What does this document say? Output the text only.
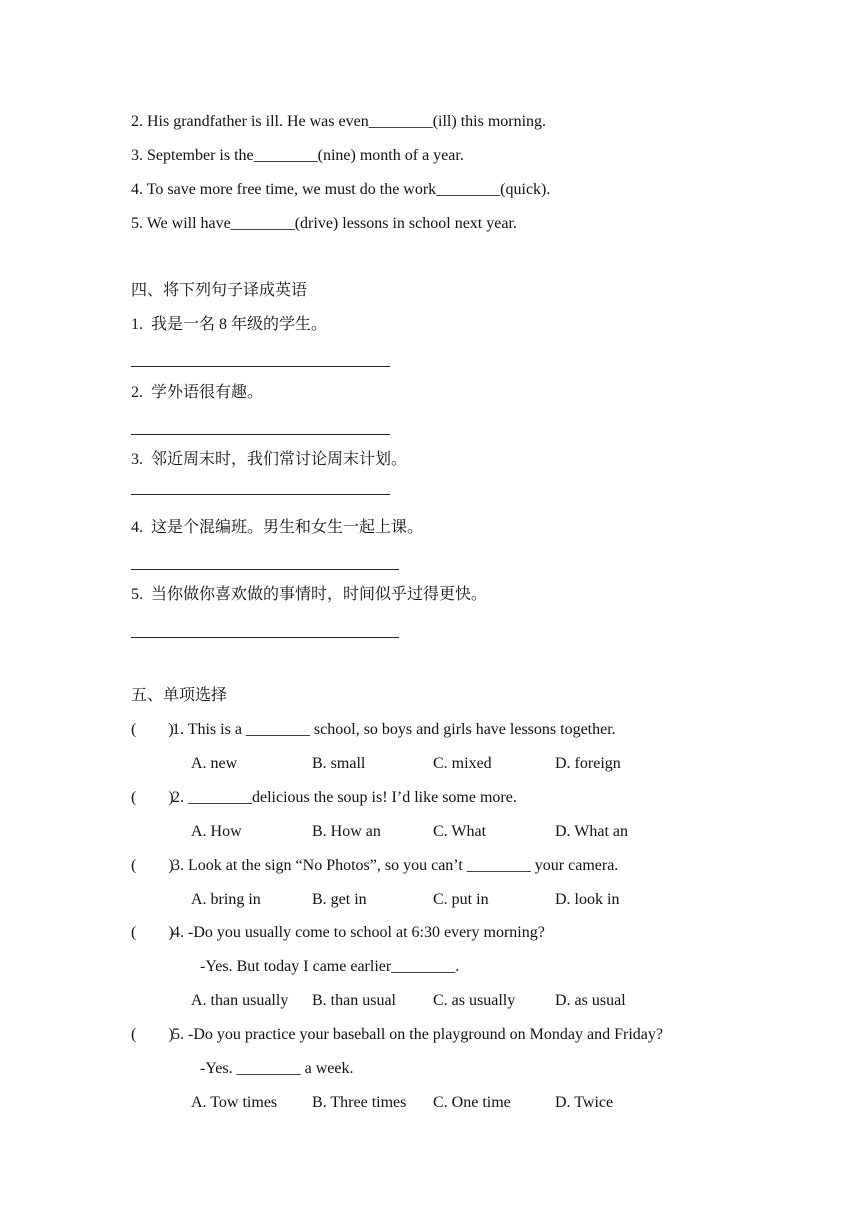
2. His grandfather is ill. He was even________(ill) this morning.
3. September is the________(nine) month of a year.
4. To save more free time, we must do the work________(quick).
5. We will have________(drive) lessons in school next year.
四、将下列句子译成英语
1.  我是一名 8 年级的学生。
2.  学外语很有趣。
3.  邻近周末时，我们常讨论周末计划。
4.  这是个混编班。男生和女生一起上课。
5.  当你做你喜欢做的事情时，时间似乎过得更快。
五、单项选择
(        )
1. This is a ________ school, so boys and girls have lessons together.
A. new	B. small	C. mixed	D. foreign
(        )
2. ________delicious the soup is! I’d like some more.
A. How	B. How an	C. What	D. What an
(        )
3. Look at the sign “No Photos”, so you can’t ________ your camera.
A. bring in	B. get in	C. put in	D. look in
(        )
4. -Do you usually come to school at 6:30 every morning?
-Yes. But today I came earlier________.
A. than usually B. than usual C. as usually D. as usual
(        )
5. -Do you practice your baseball on the playground on Monday and Friday?
-Yes. ________ a week.
A. Tow times B. Three times C. One time	D. Twice
